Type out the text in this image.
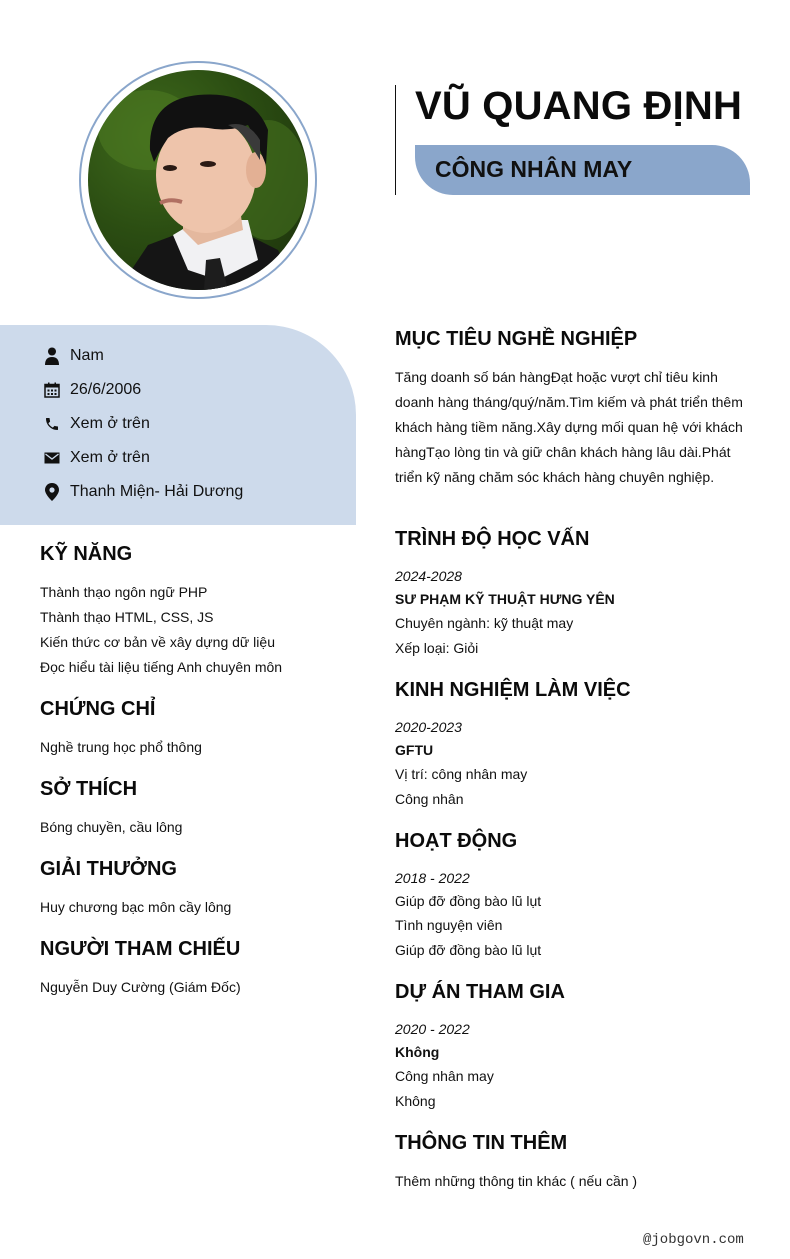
VŨ QUANG ĐỊNH
CÔNG NHÂN MAY
Nam
26/6/2006
Xem ở trên
Xem ở trên
Thanh Miện- Hải Dương
KỸ NĂNG
Thành thạo ngôn ngữ PHP
Thành thạo HTML, CSS, JS
Kiến thức cơ bản về xây dựng dữ liệu
Đọc hiểu tài liệu tiếng Anh chuyên môn
CHỨNG CHỈ
Nghề trung học phổ thông
SỞ THÍCH
Bóng chuyền, cầu lông
GIẢI THƯỞNG
Huy chương bạc môn cầy lông
NGƯỜI THAM CHIẾU
Nguyễn Duy Cường (Giám Đốc)
MỤC TIÊU NGHỀ NGHIỆP
Tăng doanh số bán hàngĐạt hoặc vượt chỉ tiêu kinh doanh hàng tháng/quý/năm.Tìm kiếm và phát triển thêm khách hàng tiềm năng.Xây dựng mối quan hệ với khách hàngTạo lòng tin và giữ chân khách hàng lâu dài.Phát triển kỹ năng chăm sóc khách hàng chuyên nghiệp.
TRÌNH ĐỘ HỌC VẤN
2024-2028
SƯ PHẠM KỸ THUẬT HƯNG YÊN
Chuyên ngành: kỹ thuật may
Xếp loại: Giỏi
KINH NGHIỆM LÀM VIỆC
2020-2023
GFTU
Vị trí: công nhân may
Công nhân
HOẠT ĐỘNG
2018 - 2022
Giúp đỡ đồng bào lũ lụt
Tình nguyện viên
Giúp đỡ đồng bào lũ lụt
DỰ ÁN THAM GIA
2020 - 2022
Không
Công nhân may
Không
THÔNG TIN THÊM
Thêm những thông tin khác ( nếu cần )
@jobgovn.com
